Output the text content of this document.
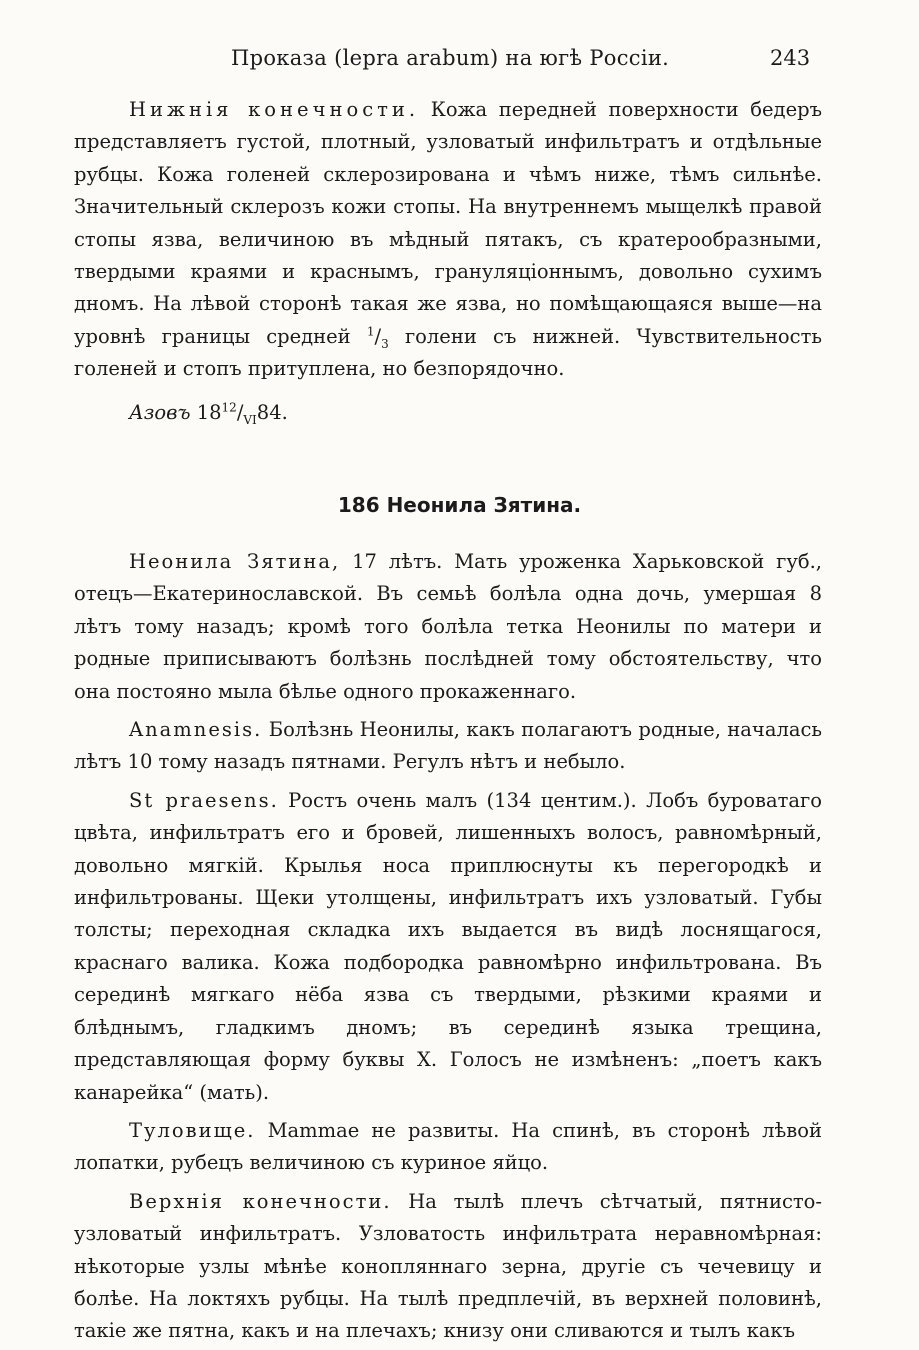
Проказа (lepra arabum) на югѣ Россіи.	243

Нижнія конечности. Кожа передней поверхности бедеръ представляетъ густой, плотный, узловатый инфильтратъ и отдѣльные рубцы. Кожа голеней склерозирована и чѣмъ ниже, тѣмъ сильнѣе. Значительный склерозъ кожи стопы. На внутреннемъ мыщелкѣ правой стопы язва, величиною въ мѣдный пятакъ, съ кратерообразными, твердыми краями и краснымъ, грануляціоннымъ, довольно сухимъ дномъ. На лѣвой сторонѣ такая же язва, но помѣщающаяся выше—на уровнѣ границы средней $^1/_3$ голени съ нижней. Чувствительность голеней и стопъ притуплена, но безпорядочно.

Азовъ $18^{12}/_{VI}84$.
186 Неонила Зятина.

Неонила Зятина, 17 лѣтъ. Мать уроженка Харьковской губ., отецъ—Екатеринославской. Въ семьѣ болѣла одна дочь, умершая 8 лѣтъ тому назадъ; кромѣ того болѣла тетка Неонилы по матери и родные приписываютъ болѣзнь послѣдней тому обстоятельству, что она постояно мыла бѣлье одного прокаженнаго.

Anamnesis. Болѣзнь Неонилы, какъ полагаютъ родные, началась лѣтъ 10 тому назадъ пятнами. Регулъ нѣтъ и небыло.

St praesens. Ростъ очень малъ (134 центим.). Лобъ буроватаго цвѣта, инфильтратъ его и бровей, лишенныхъ волосъ, равномѣрный, довольно мягкій. Крылья носа приплюснуты къ перегородкѣ и инфильтрованы. Щеки утолщены, инфильтратъ ихъ узловатый. Губы толсты; переходная складка ихъ выдается въ видѣ лоснящагося, краснаго валика. Кожа подбородка равномѣрно инфильтрована. Въ серединѣ мягкаго нёба язва съ твердыми, рѣзкими краями и блѣднымъ, гладкимъ дномъ; въ серединѣ языка трещина, представляющая форму буквы X. Голосъ не измѣненъ: „поетъ какъ канарейка“ (мать).

Туловище. Mammae не развиты. На спинѣ, въ сторонѣ лѣвой лопатки, рубецъ величиною съ куриное яйцо.

Верхнія конечности. На тылѣ плечъ сѣтчатый, пятнисто-узловатый инфильтратъ. Узловатость инфильтрата неравномѣрная: нѣкоторые узлы мѣнѣе конопляннаго зерна, другіе съ чечевицу и болѣе. На локтяхъ рубцы. На тылѣ предплечій, въ верхней половинѣ, такіе же пятна, какъ и на плечахъ; книзу они сливаются и тылъ какъ
